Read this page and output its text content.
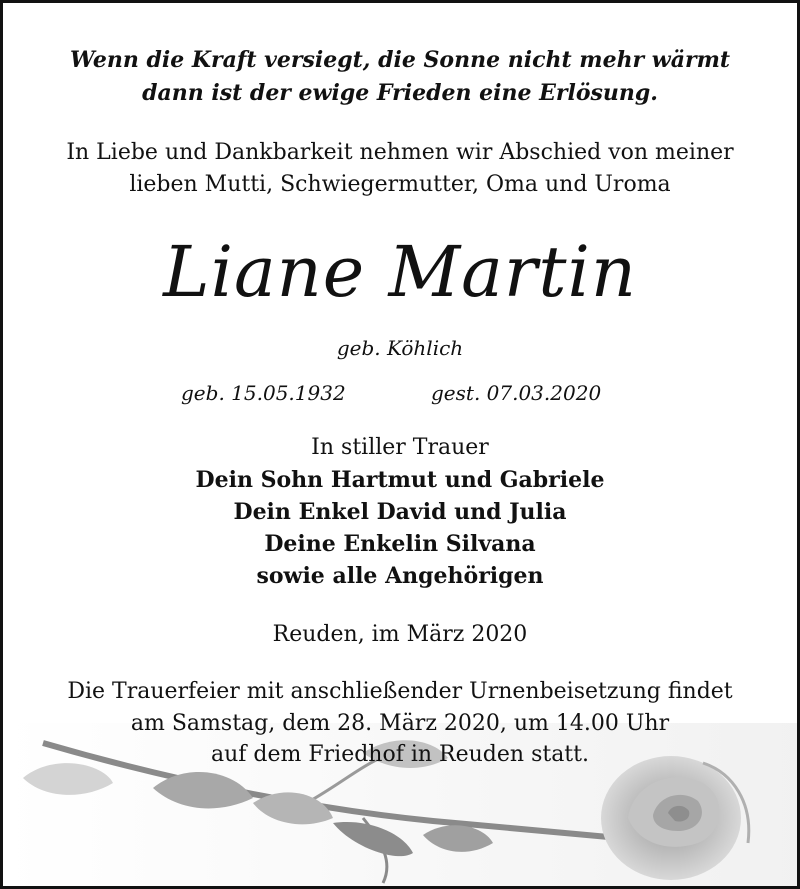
Wenn die Kraft versiegt, die Sonne nicht mehr wärmt
dann ist der ewige Frieden eine Erlösung.
In Liebe und Dankbarkeit nehmen wir Abschied von meiner
lieben Mutti, Schwiegermutter, Oma und Uroma
Liane Martin
geb. Köhlich
geb. 15.05.1932	gest. 07.03.2020
In stiller Trauer
Dein Sohn Hartmut und Gabriele
Dein Enkel David und Julia
Deine Enkelin Silvana
sowie alle Angehörigen
Reuden, im März 2020
Die Trauerfeier mit anschließender Urnenbeisetzung findet
am Samstag, dem 28. März 2020, um 14.00 Uhr
auf dem Friedhof in Reuden statt.
